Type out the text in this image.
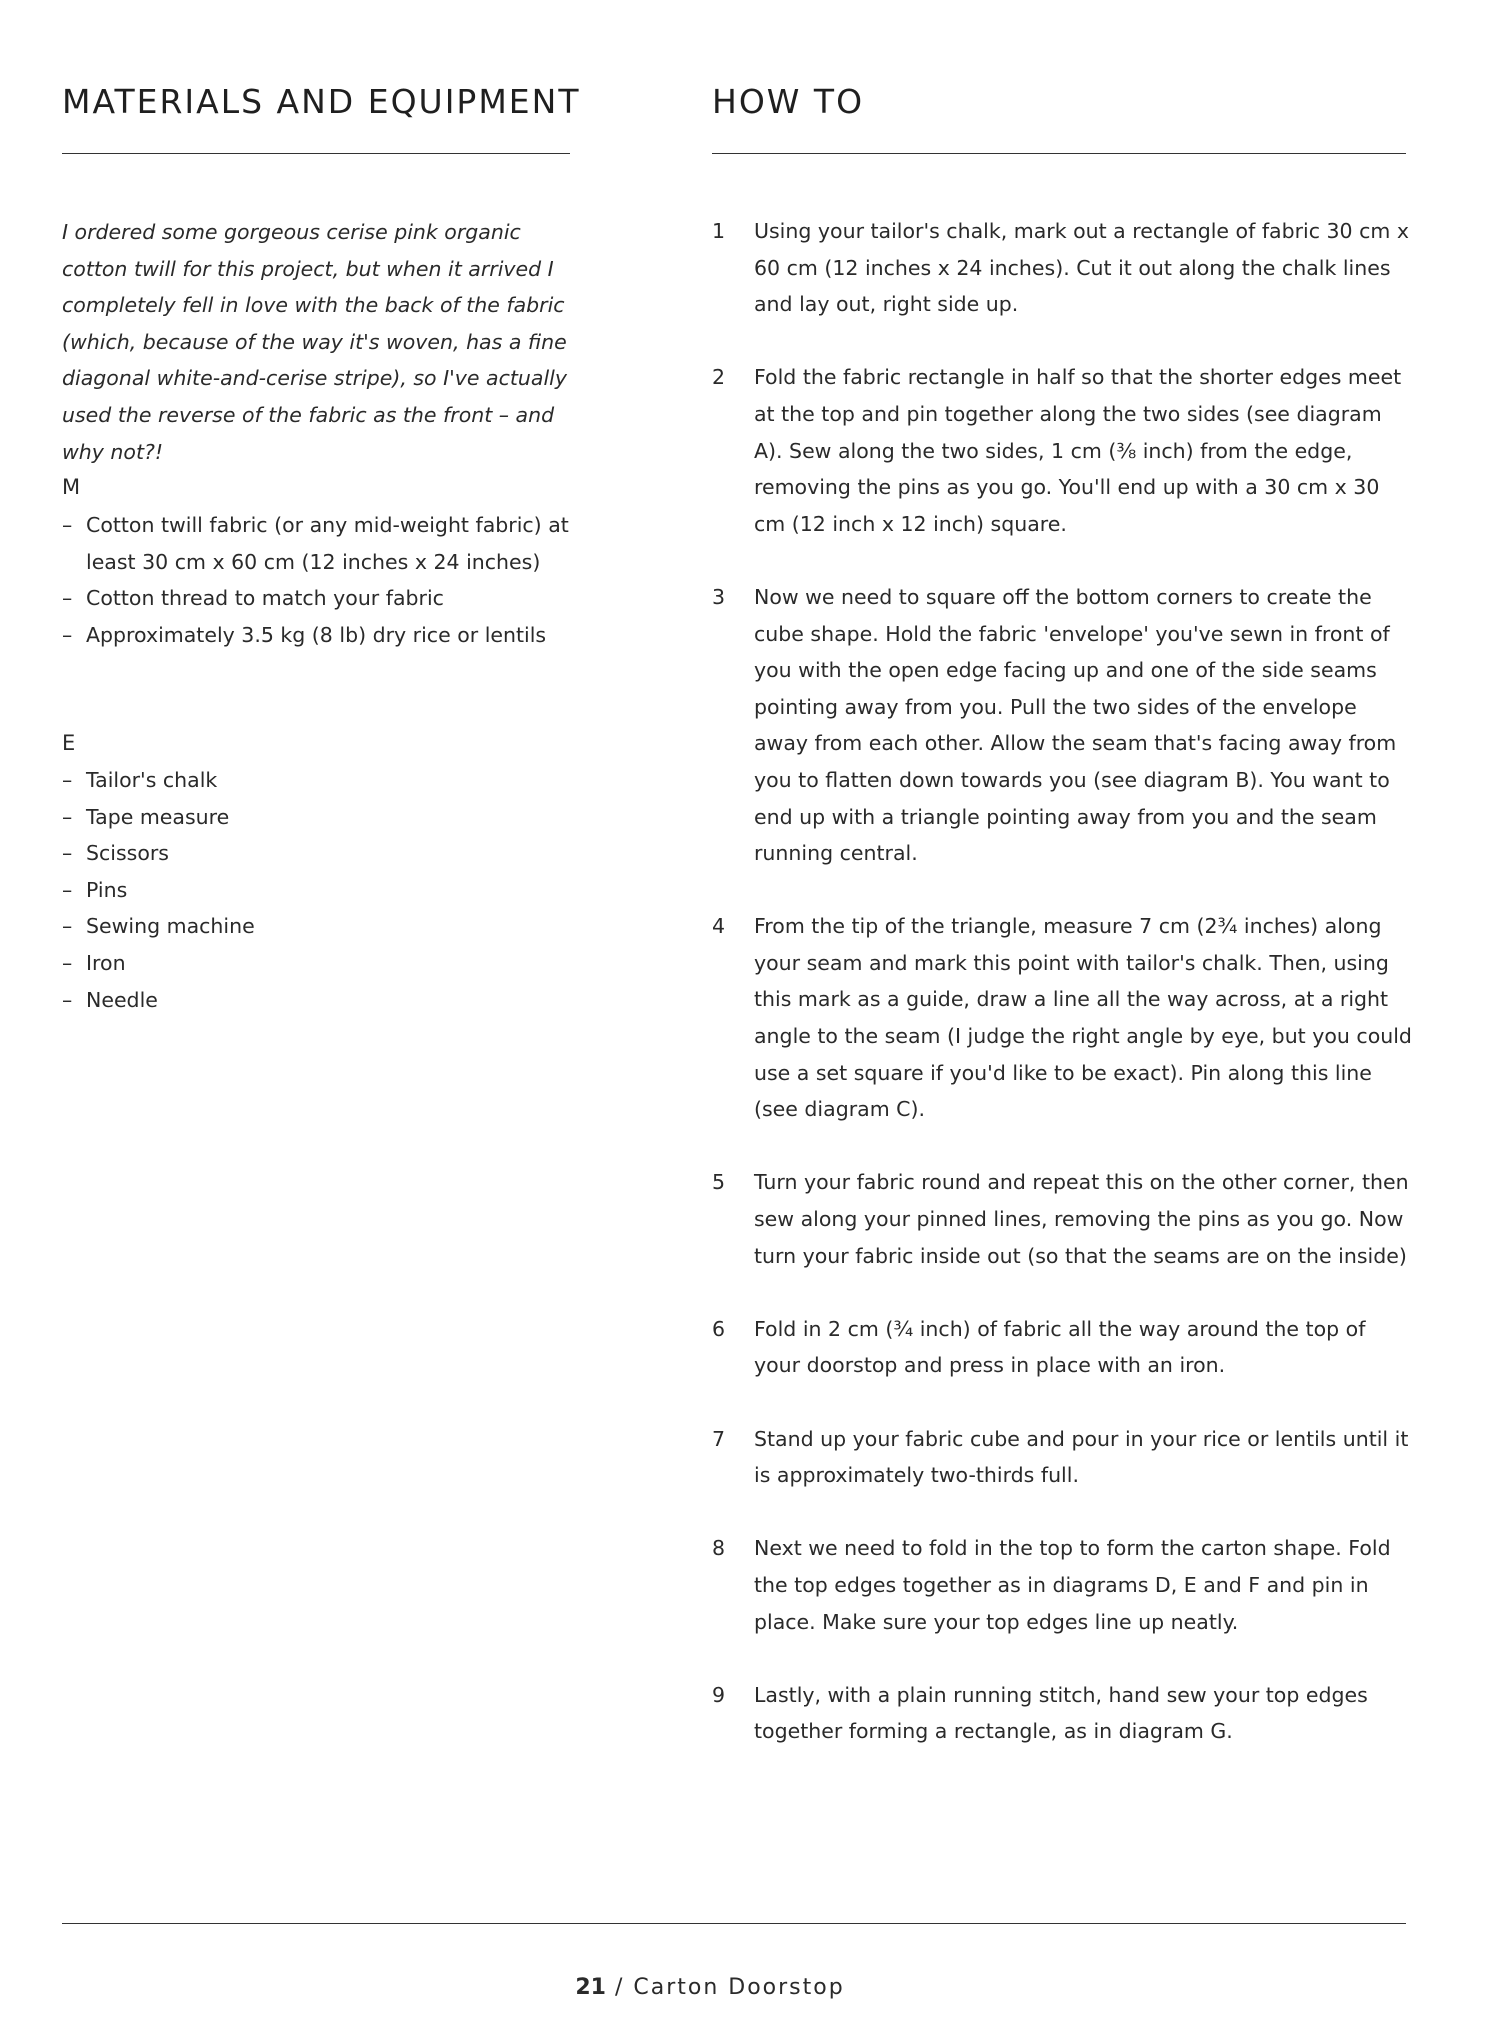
MATERIALS AND EQUIPMENT	HOW TO

I ordered some gorgeous cerise pink organic cotton twill for this project, but when it arrived I completely fell in love with the back of the fabric (which, because of the way it's woven, has a fine diagonal white-and-cerise stripe), so I've actually used the reverse of the fabric as the front – and why not?!

M
– Cotton twill fabric (or any mid-weight fabric) at least 30 cm x 60 cm (12 inches x 24 inches)
– Cotton thread to match your fabric
– Approximately 3.5 kg (8 lb) dry rice or lentils
E
– Tailor's chalk
– Tape measure
– Scissors
– Pins
– Sewing machine
– Iron
– Needle
1 Using your tailor's chalk, mark out a rectangle of fabric 30 cm x 60 cm (12 inches x 24 inches). Cut it out along the chalk lines and lay out, right side up.
2 Fold the fabric rectangle in half so that the shorter edges meet at the top and pin together along the two sides (see diagram A). Sew along the two sides, 1 cm (⅜ inch) from the edge, removing the pins as you go. You'll end up with a 30 cm x 30 cm (12 inch x 12 inch) square.
3 Now we need to square off the bottom corners to create the cube shape. Hold the fabric 'envelope' you've sewn in front of you with the open edge facing up and one of the side seams pointing away from you. Pull the two sides of the envelope away from each other. Allow the seam that's facing away from you to flatten down towards you (see diagram B). You want to end up with a triangle pointing away from you and the seam running central.
4 From the tip of the triangle, measure 7 cm (2¾ inches) along your seam and mark this point with tailor's chalk. Then, using this mark as a guide, draw a line all the way across, at a right angle to the seam (I judge the right angle by eye, but you could use a set square if you'd like to be exact). Pin along this line (see diagram C).
5 Turn your fabric round and repeat this on the other corner, then sew along your pinned lines, removing the pins as you go. Now turn your fabric inside out (so that the seams are on the inside)
6 Fold in 2 cm (¾ inch) of fabric all the way around the top of your doorstop and press in place with an iron.
7 Stand up your fabric cube and pour in your rice or lentils until it is approximately two-thirds full.
8 Next we need to fold in the top to form the carton shape. Fold the top edges together as in diagrams D, E and F and pin in place. Make sure your top edges line up neatly.
9 Lastly, with a plain running stitch, hand sew your top edges together forming a rectangle, as in diagram G.
21 / Carton Doorstop
